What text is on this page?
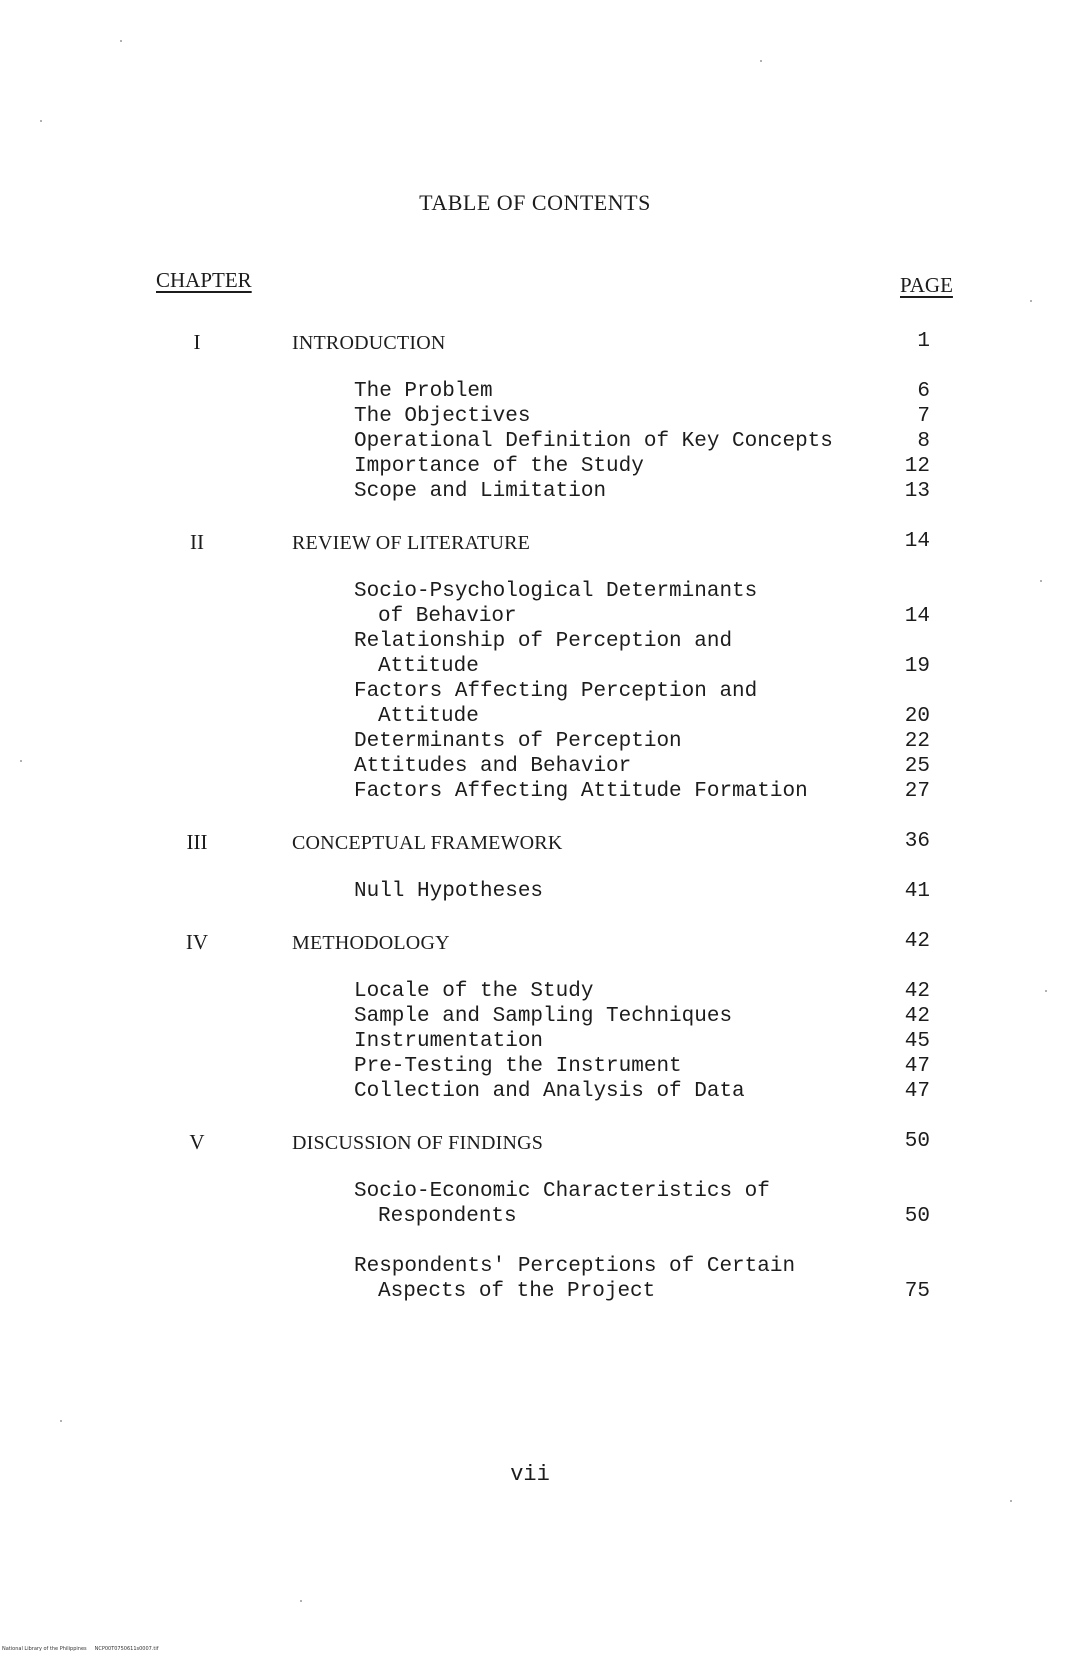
TABLE OF CONTENTS
CHAPTER	PAGE
I	INTRODUCTION	1
The Problem	6
The Objectives	7
Operational Definition of Key Concepts	8
Importance of the Study	12
Scope and Limitation	13
II	REVIEW OF LITERATURE	14
Socio-Psychological Determinants
of Behavior	14
Relationship of Perception and
Attitude	19
Factors Affecting Perception and
Attitude	20
Determinants of Perception	22
Attitudes and Behavior	25
Factors Affecting Attitude Formation	27
III	CONCEPTUAL FRAMEWORK	36
Null Hypotheses	41
IV	METHODOLOGY	42
Locale of the Study	42
Sample and Sampling Techniques	42
Instrumentation	45
Pre-Testing the Instrument	47
Collection and Analysis of Data	47
V	DISCUSSION OF FINDINGS	50
Socio-Economic Characteristics of
Respondents	50
Respondents' Perceptions of Certain
Aspects of the Project	75
vii
National Library of the Philippines     NCP00T0750611s0007.tif
